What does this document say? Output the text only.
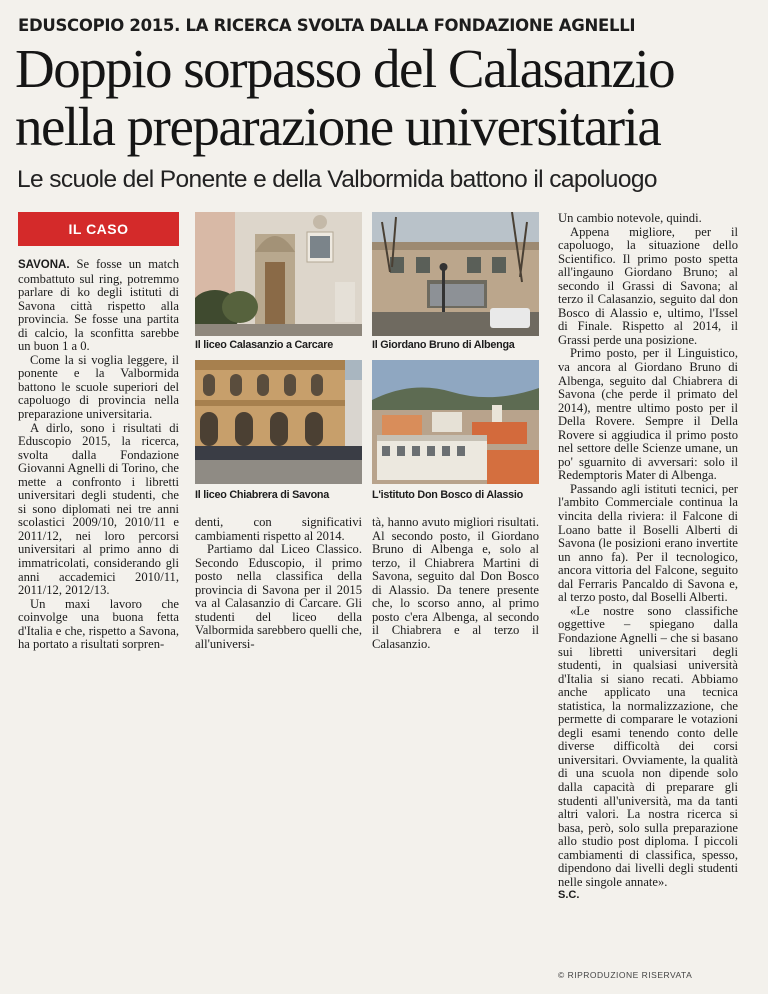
EDUSCOPIO 2015. LA RICERCA SVOLTA DALLA FONDAZIONE AGNELLI
Doppio sorpasso del Calasanzio
nella preparazione universitaria
Le scuole del Ponente e della Valbormida battono il capoluogo
IL CASO

SAVONA. Se fosse un match combattuto sul ring, potremmo parlare di ko degli istituti di Savona città rispetto alla provincia. Se fosse una partita di calcio, la sconfitta sarebbe un buon 1 a 0.

Come la si voglia leggere, il ponente e la Valbormida battono le scuole superiori del capoluogo di provincia nella preparazione universitaria.

A dirlo, sono i risultati di Eduscopio 2015, la ricerca, svolta dalla Fondazione Giovanni Agnelli di Torino, che mette a confronto i libretti universitari degli studenti, che si sono diplomati nei tre anni scolastici 2009/10, 2010/11 e 2011/12, nei loro percorsi universitari al primo anno di immatricolati, considerando gli anni accademici 2010/11, 2011/12, 2012/13.

Un maxi lavoro che coinvolge una buona fetta d'Italia e che, rispetto a Savona, ha portato a risultati sorpren-

Il liceo Calasanzio a Carcare	Il Giordano Bruno di Albenga
Il liceo Chiabrera di Savona	L'istituto Don Bosco di Alassio

denti, con significativi cambiamenti rispetto al 2014.

Partiamo dal Liceo Classico. Secondo Eduscopio, il primo posto nella classifica della provincia di Savona per il 2015 va al Calasanzio di Carcare. Gli studenti del liceo della Valbormida sarebbero quelli che, all'universi-

tà, hanno avuto migliori risultati. Al secondo posto, il Giordano Bruno di Albenga e, solo al terzo, il Chiabrera Martini di Savona, seguito dal Don Bosco di Alassio. Da tenere presente che, lo scorso anno, al primo posto c'era Albenga, al secondo il Chiabrera e al terzo il Calasanzio.

Un cambio notevole, quindi.

Appena migliore, per il capoluogo, la situazione dello Scientifico. Il primo posto spetta all'ingauno Giordano Bruno; al secondo il Grassi di Savona; al terzo il Calasanzio, seguito dal don Bosco di Alassio e, ultimo, l'Issel di Finale. Rispetto al 2014, il Grassi perde una posizione.

Primo posto, per il Linguistico, va ancora al Giordano Bruno di Albenga, seguito dal Chiabrera di Savona (che perde il primato del 2014), mentre ultimo posto per il Della Rovere. Sempre il Della Rovere si aggiudica il primo posto nel settore delle Scienze umane, un po' sguarnito di avversari: solo il Redemptoris Mater di Albenga.

Passando agli istituti tecnici, per l'ambito Commerciale continua la vincita della riviera: il Falcone di Loano batte il Boselli Alberti di Savona (le posizioni erano invertite un anno fa). Per il tecnologico, ancora vittoria del Falcone, seguito dal Ferraris Pancaldo di Savona e, al terzo posto, dal Boselli Alberti.

«Le nostre sono classifiche oggettive – spiegano dalla Fondazione Agnelli – che si basano sui libretti universitari degli studenti, in qualsiasi università d'Italia si siano recati. Abbiamo anche applicato una tecnica statistica, la normalizzazione, che permette di comparare le votazioni degli esami tenendo conto delle diverse difficoltà dei corsi universitari. Ovviamente, la qualità di una scuola non dipende solo dalla capacità di preparare gli studenti all'università, ma da tanti altri valori. La nostra ricerca si basa, però, solo sulla preparazione allo studio post diploma. I piccoli cambiamenti di classifica, spesso, dipendono dai livelli degli studenti nelle singole annate».

S.C.

© RIPRODUZIONE RISERVATA
